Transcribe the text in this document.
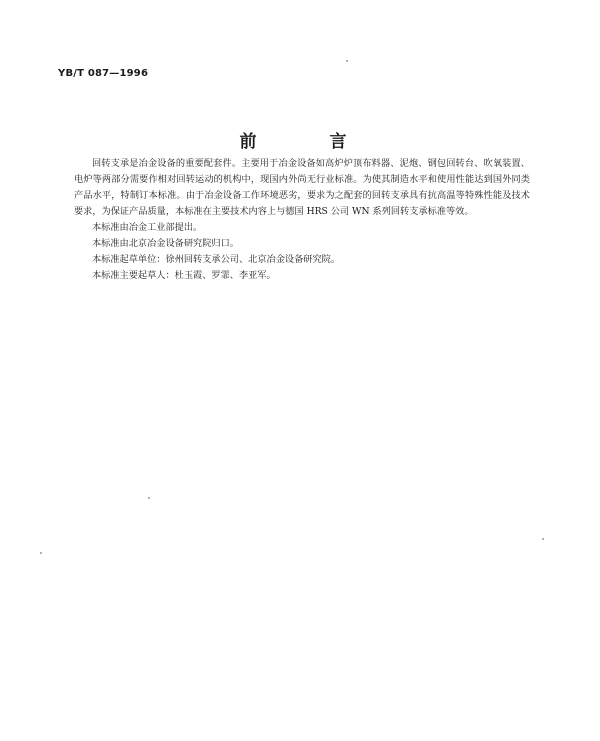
YB/T 087—1996
前　言

回转支承是冶金设备的重要配套件。主要用于冶金设备如高炉炉顶布料器、泥炮、钢包回转台、吹氧装置、电炉等两部分需要作相对回转运动的机构中，现国内外尚无行业标准。为使其制造水平和使用性能达到国外同类产品水平，特制订本标准。由于冶金设备工作环境恶劣，要求为之配套的回转支承具有抗高温等特殊性能及技术要求，为保证产品质量，本标准在主要技术内容上与德国 HRS 公司 WN 系列回转支承标准等效。

本标准由冶金工业部提出。

本标准由北京冶金设备研究院归口。

本标准起草单位：徐州回转支承公司、北京冶金设备研究院。

本标准主要起草人：杜玉霞、罗霏、李亚军。
